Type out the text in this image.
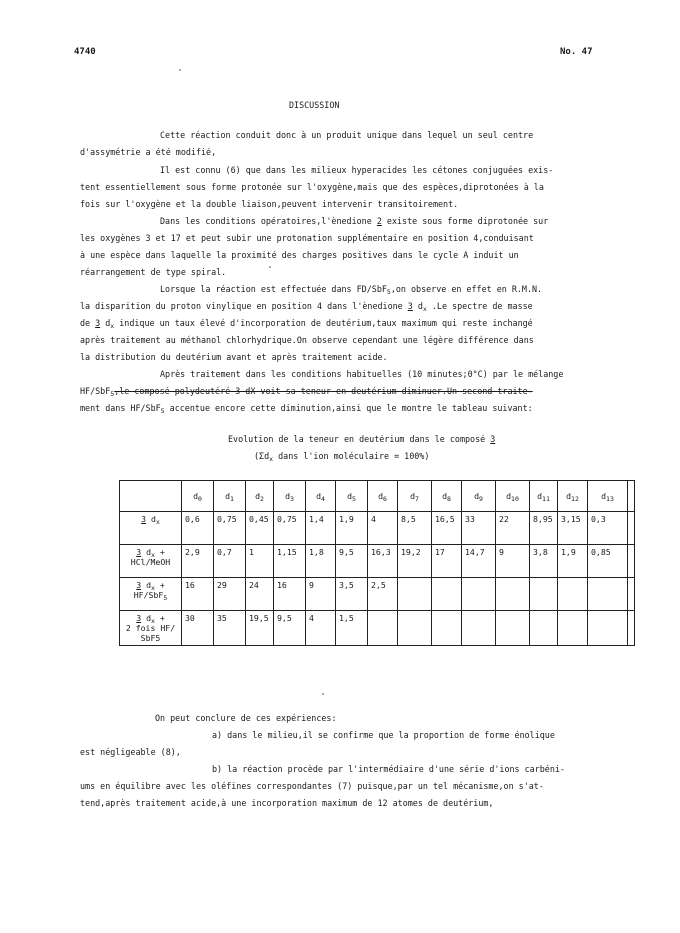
4740	No. 47
DISCUSSION
Cette réaction conduit donc à un produit unique dans lequel un seul centre
d'assymétrie a été modifié,
Il est connu (6) que dans les milieux hyperacides les cétones conjuguées exis-
tent essentiellement sous forme protonée sur l'oxygène,mais que des espèces,diprotonées à la
fois sur l'oxygène et la double liaison,peuvent intervenir transitoirement.
Dans les conditions opératoires,l'ènedione 2 existe sous forme diprotonée sur
les oxygènes 3 et 17 et peut subir une protonation supplémentaire en position 4,conduisant
à une espèce dans laquelle la proximité des charges positives dans le cycle A induit un
réarrangement de type spiral.
Lorsque la réaction est effectuée dans FD/SbF$_5$,on observe en effet en R.M.N.
la disparition du proton vinylique en position 4 dans l'ènedione 3 $d_x$ .Le spectre de masse
de 3 $d_x$ indique un taux élevé d'incorporation de deutérium,taux maximum qui reste inchangé
après traitement au méthanol chlorhydrique.On observe cependant une légère différence dans
la distribution du deutérium avant et après traitement acide.
Après traitement dans les conditions habituelles (10 minutes;0°C) par le mélange
HF/SbF$_5$,le composé polydeutéré 3 dX voit sa teneur en deutérium diminuer.Un second traite-
ment dans HF/SbF$_5$ accentue encore cette diminution,ainsi que le montre le tableau suivant:
Evolution de la teneur en deutérium dans le composé 3
($\Sigma d_x$ dans l'ion moléculaire = 100%)
	$d_0$	$d_1$	$d_2$	$d_3$	$d_4$	$d_5$	$d_6$	$d_7$	$d_8$	$d_9$	$d_{10}$	$d_{11}$	$d_{12}$	$d_{13}$	

3 $d_x$	0,6	0,75	0,45	0,75	1,4	1,9	4	8,5	16,5	33	22	8,95	3,15	0,3	

3 $d_x$ +
HCl/MeOH	2,9	0,7	1	1,15	1,8	9,5	16,3	19,2	17	14,7	9	3,8	1,9	0,85	

3 $d_x$ +
HF/SbF$_5$	16	29	24	16	9	3,5	2,5								

3 $d_x$ +
2 fois HF/
SbF5	30	35	19,5	9,5	4	1,5									
On peut conclure de ces expériences:
a) dans le milieu,il se confirme que la proportion de forme énolique
est négligeable (8),
b) la réaction procède par l'intermédiaire d'une série d'ions carbéni-
ums en équilibre avec les oléfines correspondantes (7) puisque,par un tel mécanisme,on s'at-
tend,après traitement acide,à une incorporation maximum de 12 atomes de deutérium,
